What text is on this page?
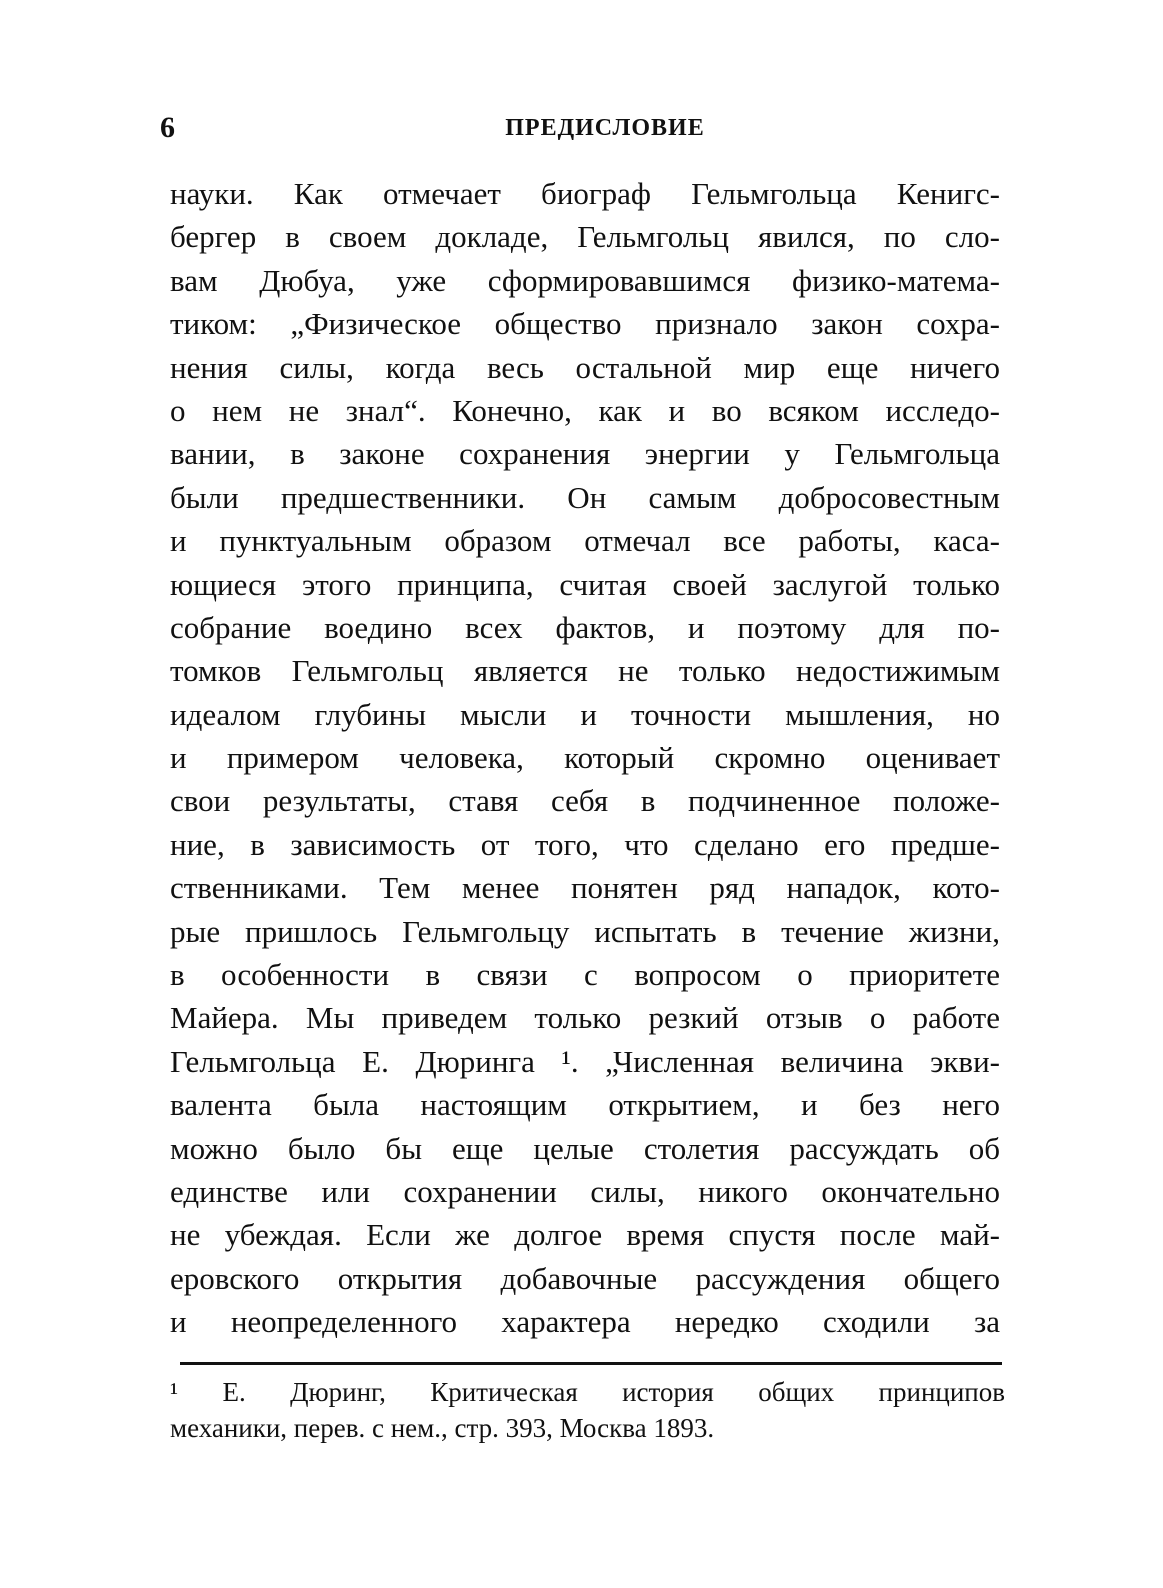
6	ПРЕДИСЛОВИЕ
науки. Как отмечает биограф Гельмгольца Кенигс-
бергер в своем докладе, Гельмгольц явился, по сло-
вам Дюбуа, уже сформировавшимся физико-матема-
тиком: „Физическое общество признало закон сохра-
нения силы, когда весь остальной мир еще ничего
о нем не знал“. Конечно, как и во всяком исследо-
вании, в законе сохранения энергии у Гельмгольца
были предшественники. Он самым добросовестным
и пунктуальным образом отмечал все работы, каса-
ющиеся этого принципа, считая своей заслугой только
собрание воедино всех фактов, и поэтому для по-
томков Гельмгольц является не только недостижимым
идеалом глубины мысли и точности мышления, но
и примером человека, который скромно оценивает
свои результаты, ставя себя в подчиненное положе-
ние, в зависимость от того, что сделано его предше-
ственниками. Тем менее понятен ряд нападок, кото-
рые пришлось Гельмгольцу испытать в течение жизни,
в особенности в связи с вопросом о приоритете
Майера. Мы приведем только резкий отзыв о работе
Гельмгольца Е. Дюринга ¹. „Численная величина экви-
валента была настоящим открытием, и без него
можно было бы еще целые столетия рассуждать об
единстве или сохранении силы, никого окончательно
не убеждая. Если же долгое время спустя после май-
еровского открытия добавочные рассуждения общего
и неопределенного характера нередко сходили за
¹ Е. Дюринг, Критическая история общих принципов
механики, перев. с нем., стр. 393, Москва 1893.
